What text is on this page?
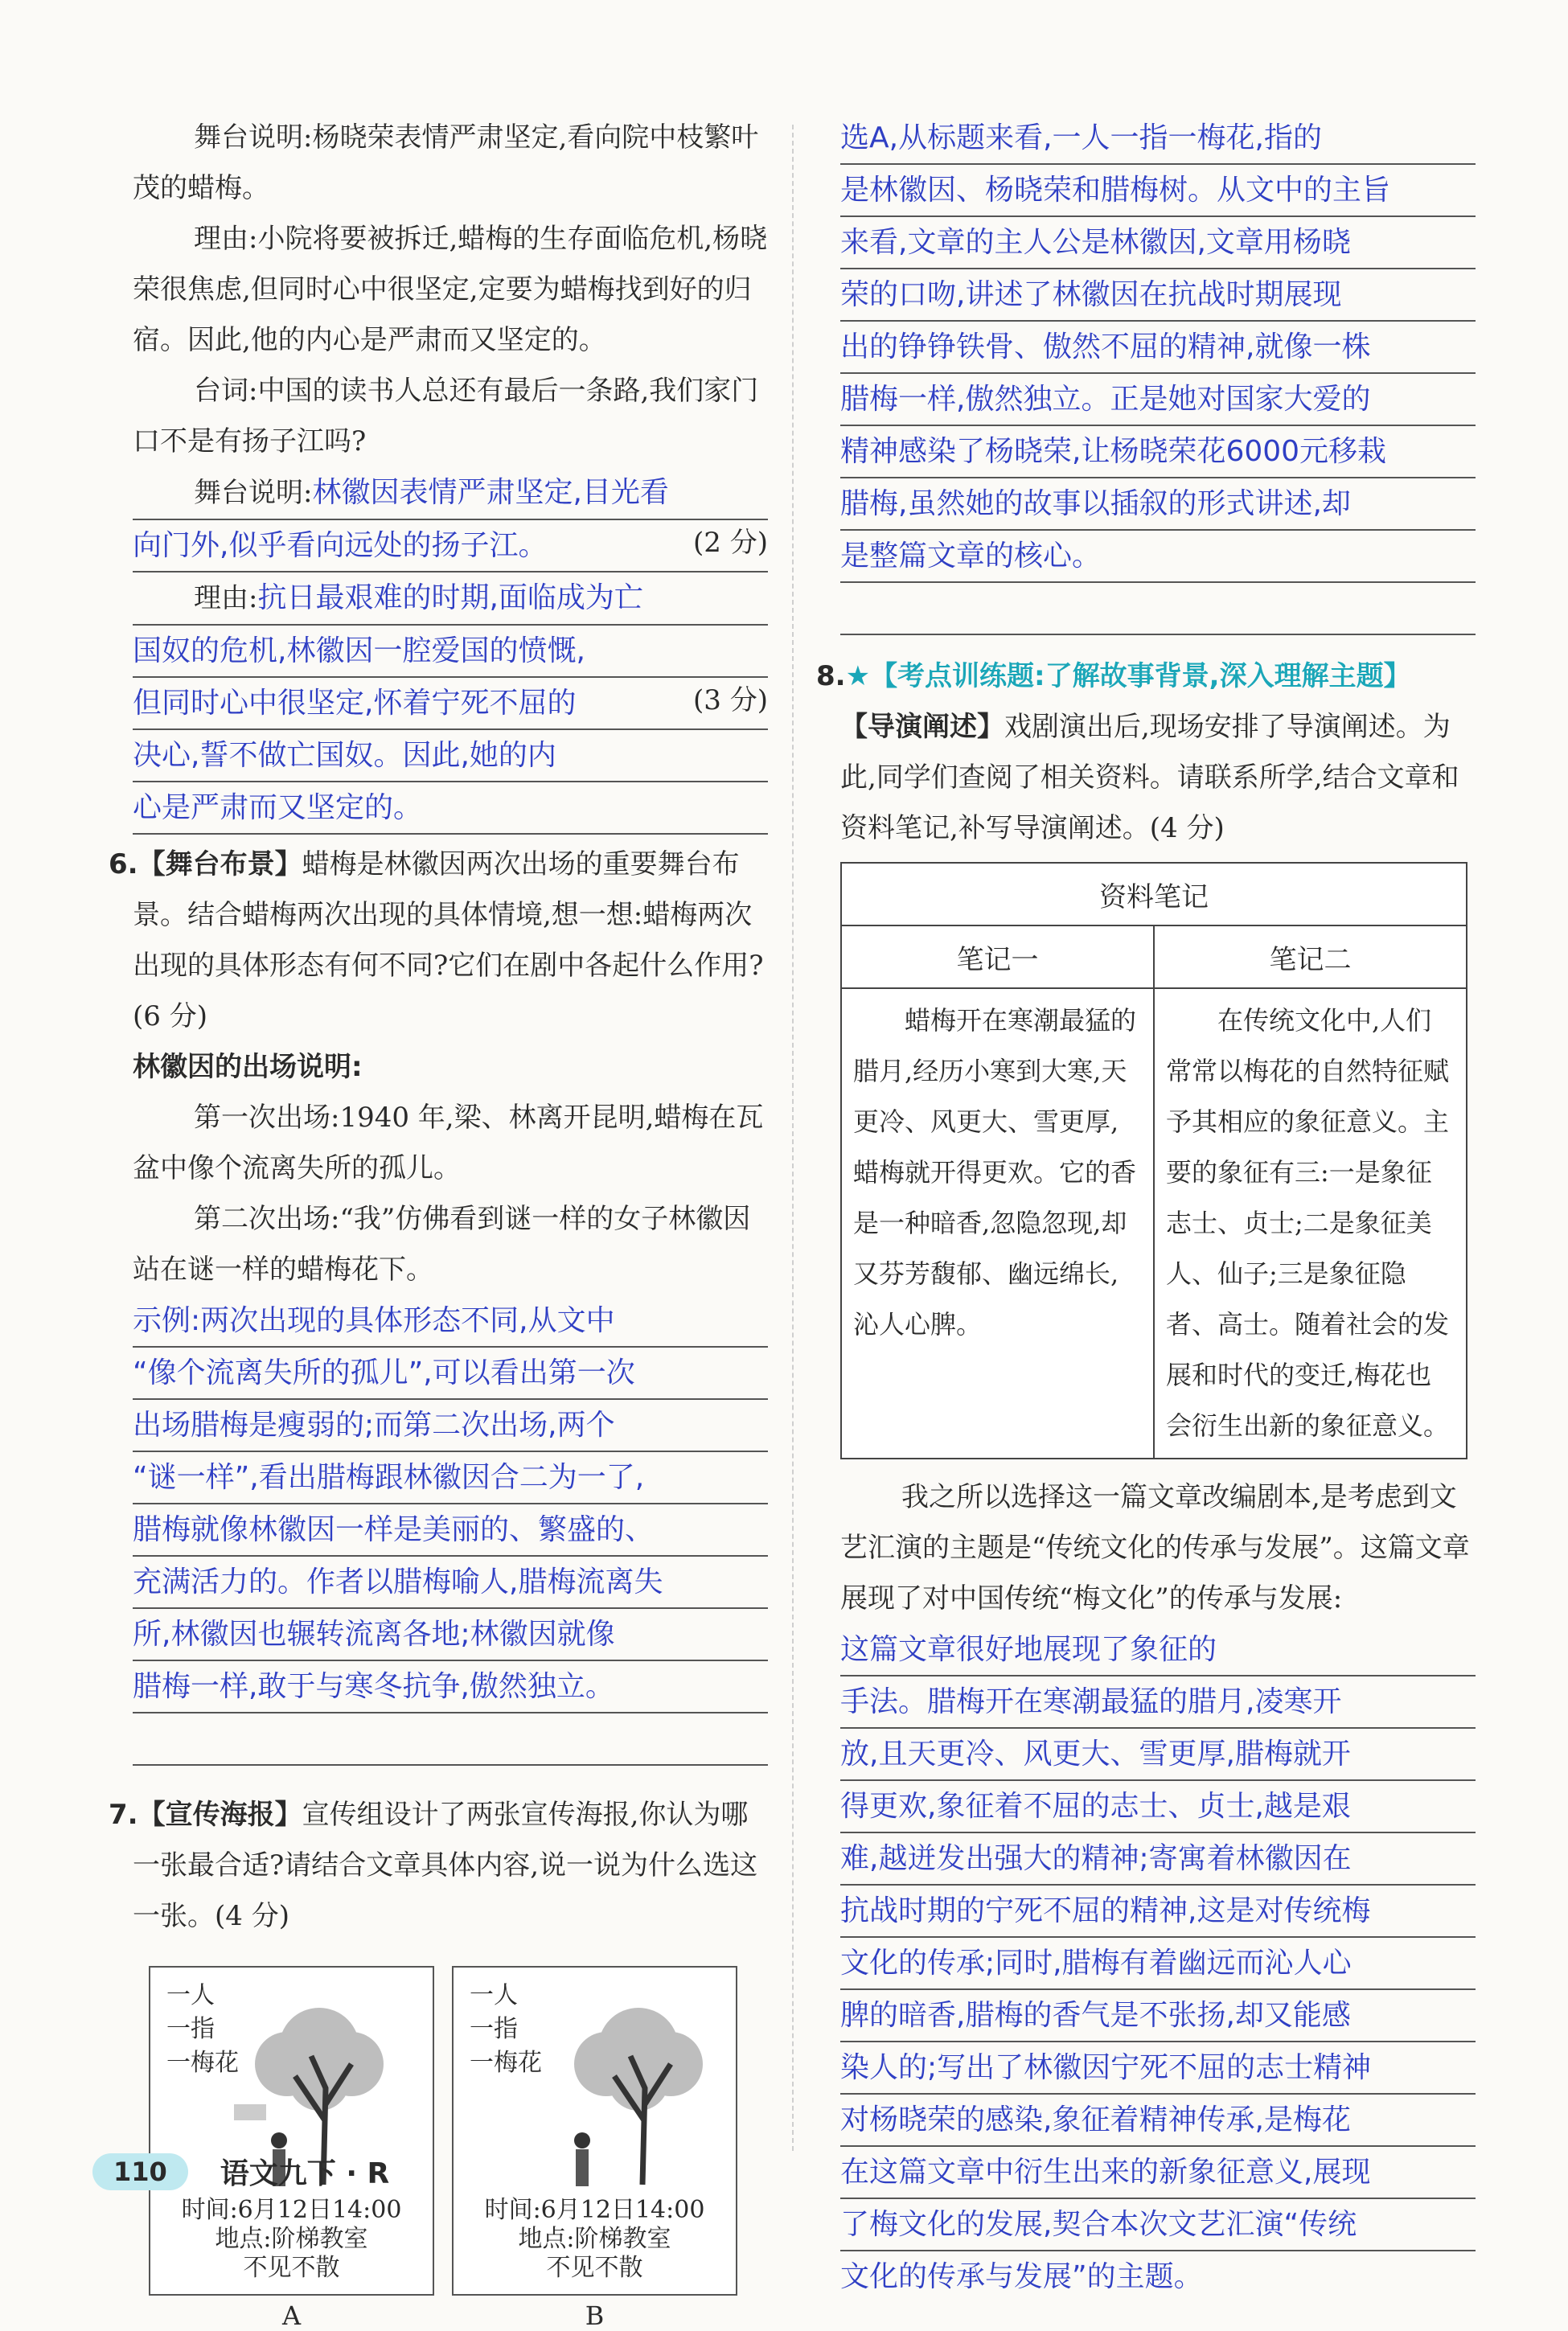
舞台说明:杨晓荣表情严肃坚定,看向院中枝繁叶茂的蜡梅。

理由:小院将要被拆迁,蜡梅的生存面临危机,杨晓荣很焦虑,但同时心中很坚定,定要为蜡梅找到好的归宿。因此,他的内心是严肃而又坚定的。

台词:中国的读书人总还有最后一条路,我们家门口不是有扬子江吗?

舞台说明:林徽因表情严肃坚定,目光看
向门外,似乎看向远处的扬子江。	(2 分)
理由:抗日最艰难的时期,面临成为亡
国奴的危机,林徽因一腔爱国的愤慨,
但同时心中很坚定,怀着宁死不屈的	(3 分)
决心,誓不做亡国奴。因此,她的内
心是严肃而又坚定的。

6.【舞台布景】蜡梅是林徽因两次出场的重要舞台布景。结合蜡梅两次出现的具体情境,想一想:蜡梅两次出现的具体形态有何不同?它们在剧中各起什么作用?(6 分)

林徽因的出场说明:

第一次出场:1940 年,梁、林离开昆明,蜡梅在瓦盆中像个流离失所的孤儿。

第二次出场:“我”仿佛看到谜一样的女子林徽因站在谜一样的蜡梅花下。

示例:两次出现的具体形态不同,从文中
“像个流离失所的孤儿”,可以看出第一次
出场腊梅是瘦弱的;而第二次出场,两个
“谜一样”,看出腊梅跟林徽因合二为一了,
腊梅就像林徽因一样是美丽的、繁盛的、
充满活力的。作者以腊梅喻人,腊梅流离失
所,林徽因也辗转流离各地;林徽因就像
腊梅一样,敢于与寒冬抗争,傲然独立。

7.【宣传海报】宣传组设计了两张宣传海报,你认为哪一张最合适?请结合文章具体内容,说一说为什么选这一张。(4 分)

一人
一指
一梅花
时间:6月12日14:00
地点:阶梯教室
不见不散
A
一人
一指
一梅花
时间:6月12日14:00
地点:阶梯教室
不见不散
B
选A,从标题来看,一人一指一梅花,指的
是林徽因、杨晓荣和腊梅树。从文中的主旨
来看,文章的主人公是林徽因,文章用杨晓
荣的口吻,讲述了林徽因在抗战时期展现
出的铮铮铁骨、傲然不屈的精神,就像一株
腊梅一样,傲然独立。正是她对国家大爱的
精神感染了杨晓荣,让杨晓荣花6000元移栽
腊梅,虽然她的故事以插叙的形式讲述,却
是整篇文章的核心。

8.★【考点训练题:了解故事背景,深入理解主题】

【导演阐述】戏剧演出后,现场安排了导演阐述。为此,同学们查阅了相关资料。请联系所学,结合文章和资料笔记,补写导演阐述。(4 分)

资料笔记	
笔记一	笔记二
蜡梅开在寒潮最猛的腊月,经历小寒到大寒,天更冷、风更大、雪更厚,蜡梅就开得更欢。它的香是一种暗香,忽隐忽现,却又芬芳馥郁、幽远绵长,沁人心脾。	在传统文化中,人们常常以梅花的自然特征赋予其相应的象征意义。主要的象征有三:一是象征志士、贞士;二是象征美人、仙子;三是象征隐者、高士。随着社会的发展和时代的变迁,梅花也会衍生出新的象征意义。

我之所以选择这一篇文章改编剧本,是考虑到文艺汇演的主题是“传统文化的传承与发展”。这篇文章展现了对中国传统“梅文化”的传承与发展:

这篇文章很好地展现了象征的
手法。腊梅开在寒潮最猛的腊月,凌寒开
放,且天更冷、风更大、雪更厚,腊梅就开
得更欢,象征着不屈的志士、贞士,越是艰
难,越迸发出强大的精神;寄寓着林徽因在
抗战时期的宁死不屈的精神,这是对传统梅
文化的传承;同时,腊梅有着幽远而沁人心
脾的暗香,腊梅的香气是不张扬,却又能感
染人的;写出了林徽因宁死不屈的志士精神
对杨晓荣的感染,象征着精神传承,是梅花
在这篇文章中衍生出来的新象征意义,展现
了梅文化的发展,契合本次文艺汇演“传统
文化的传承与发展”的主题。
110	语文九下 · R
